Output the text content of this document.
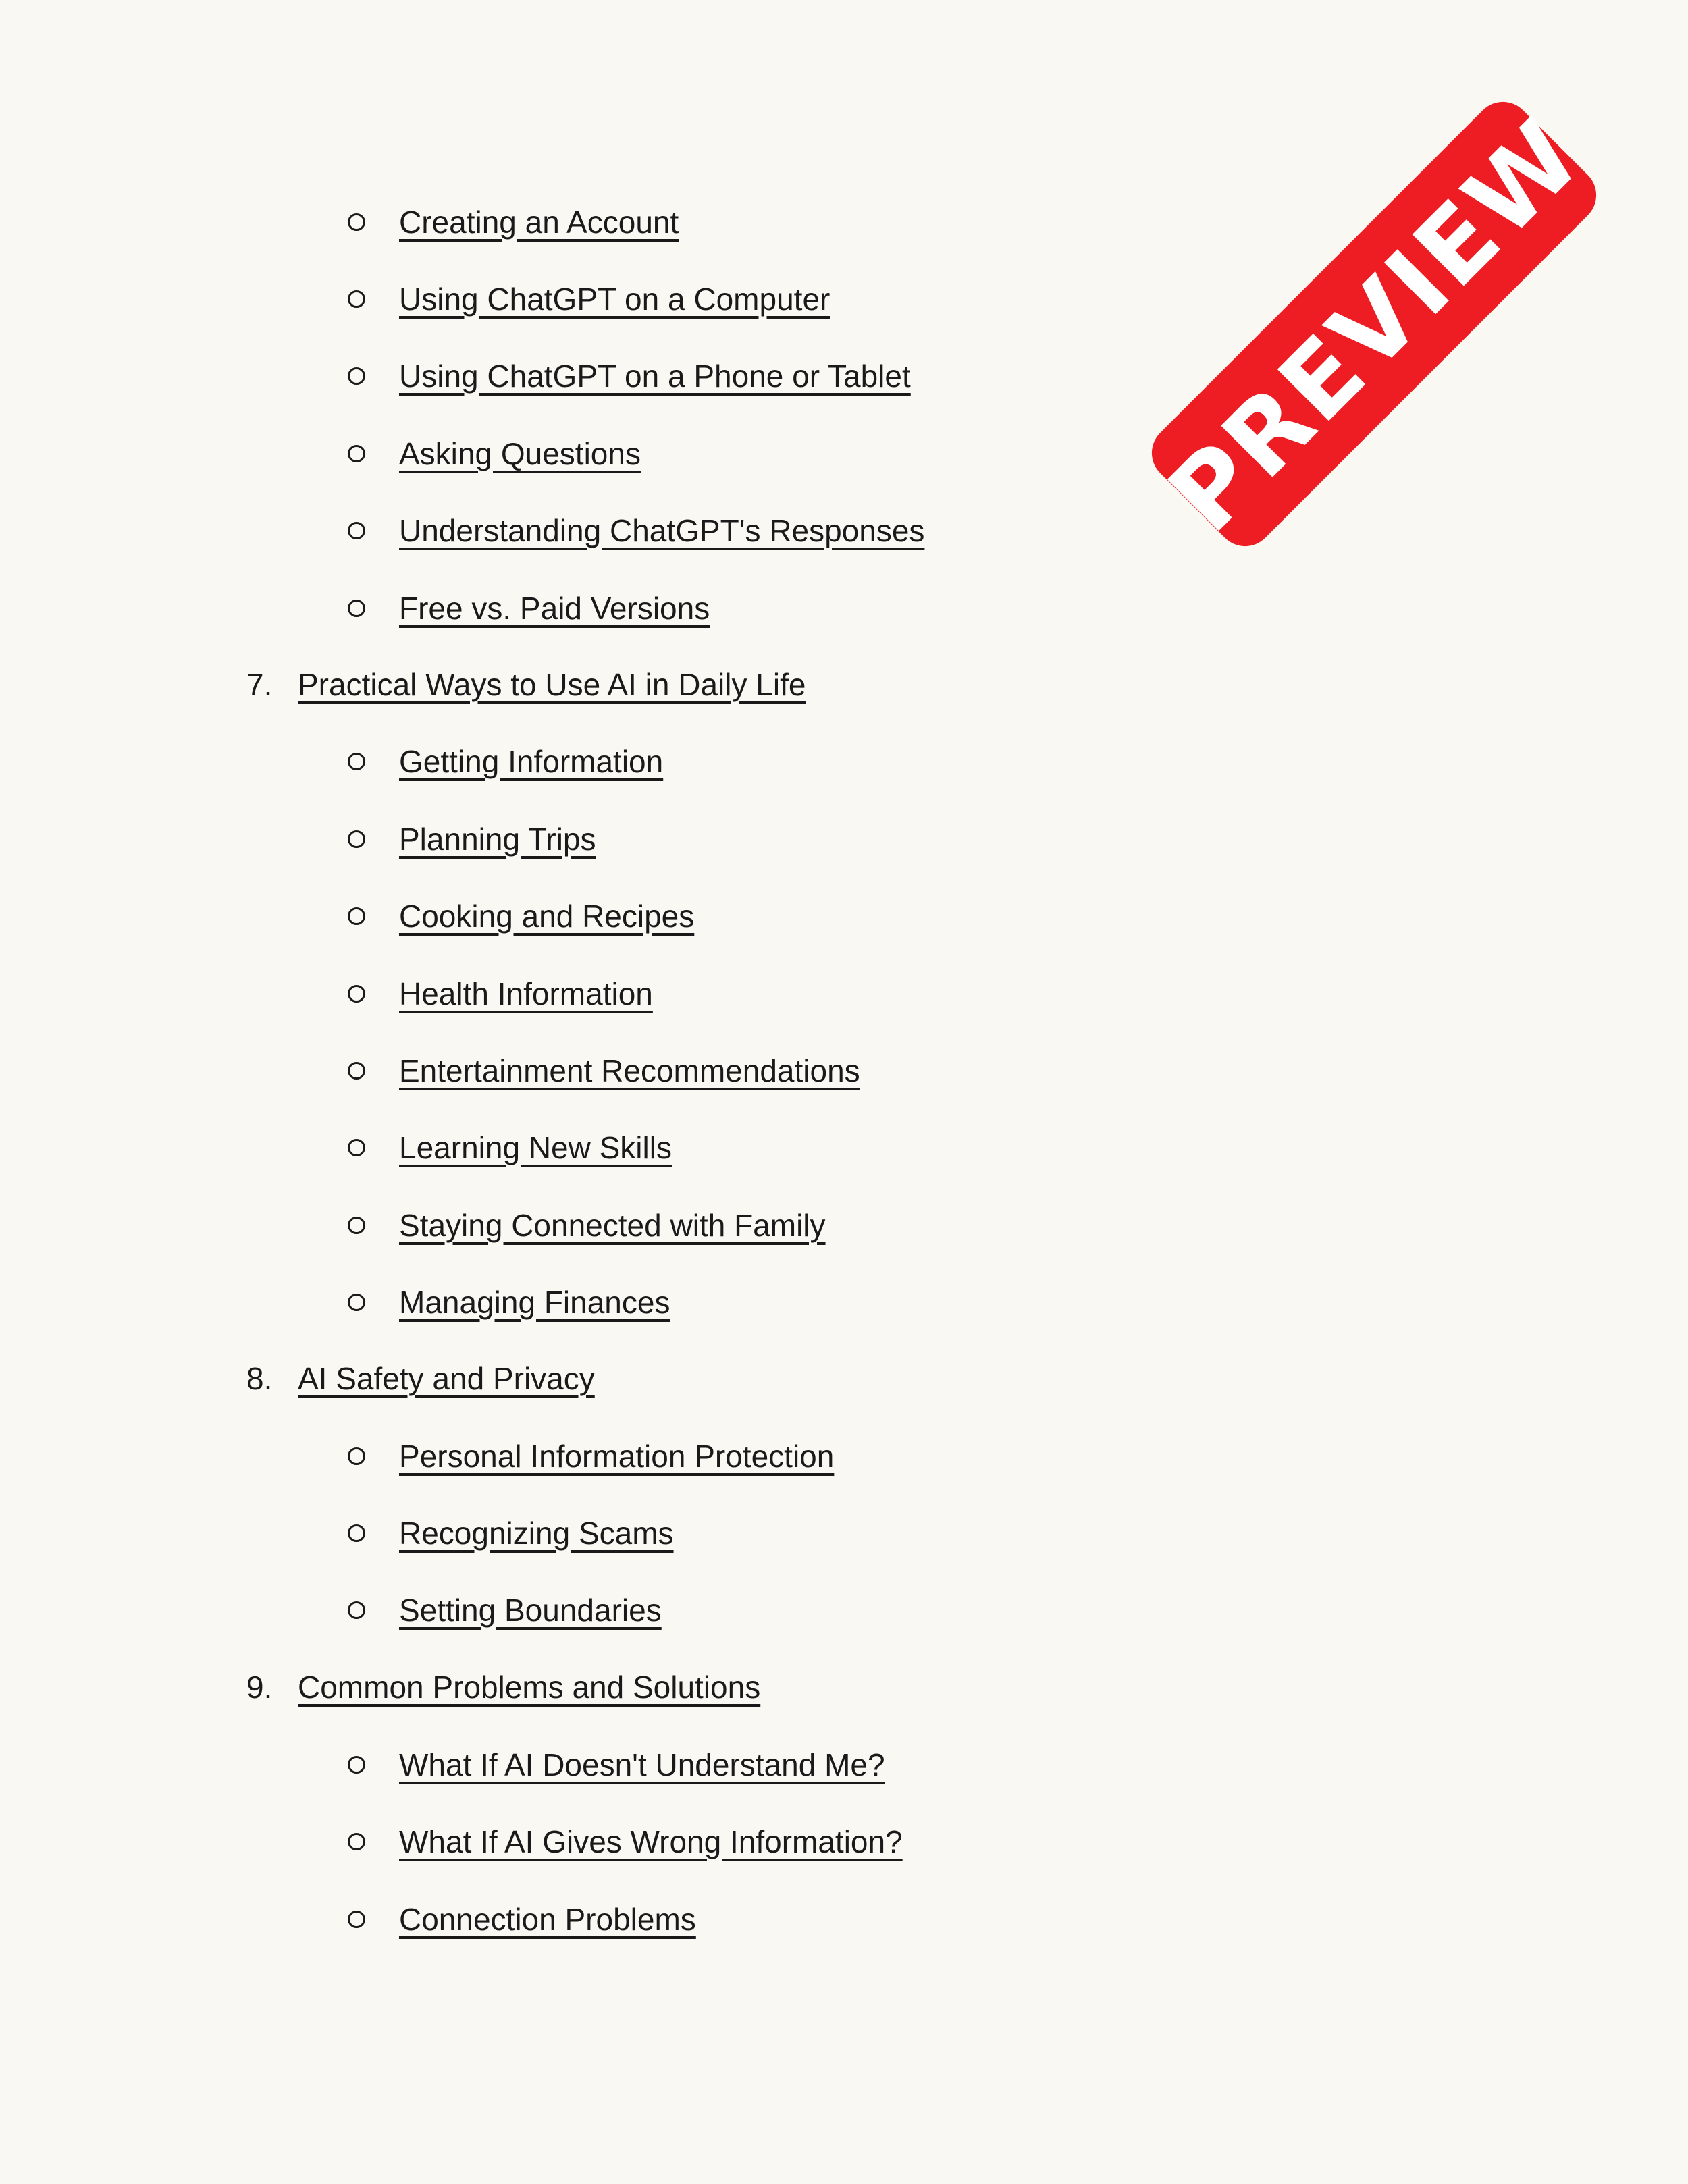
Creating an Account
Using ChatGPT on a Computer
Using ChatGPT on a Phone or Tablet
Asking Questions
Understanding ChatGPT's Responses
Free vs. Paid Versions
7. Practical Ways to Use AI in Daily Life
Getting Information
Planning Trips
Cooking and Recipes
Health Information
Entertainment Recommendations
Learning New Skills
Staying Connected with Family
Managing Finances
8. AI Safety and Privacy
Personal Information Protection
Recognizing Scams
Setting Boundaries
9. Common Problems and Solutions
What If AI Doesn't Understand Me?
What If AI Gives Wrong Information?
Connection Problems
PREVIEW
